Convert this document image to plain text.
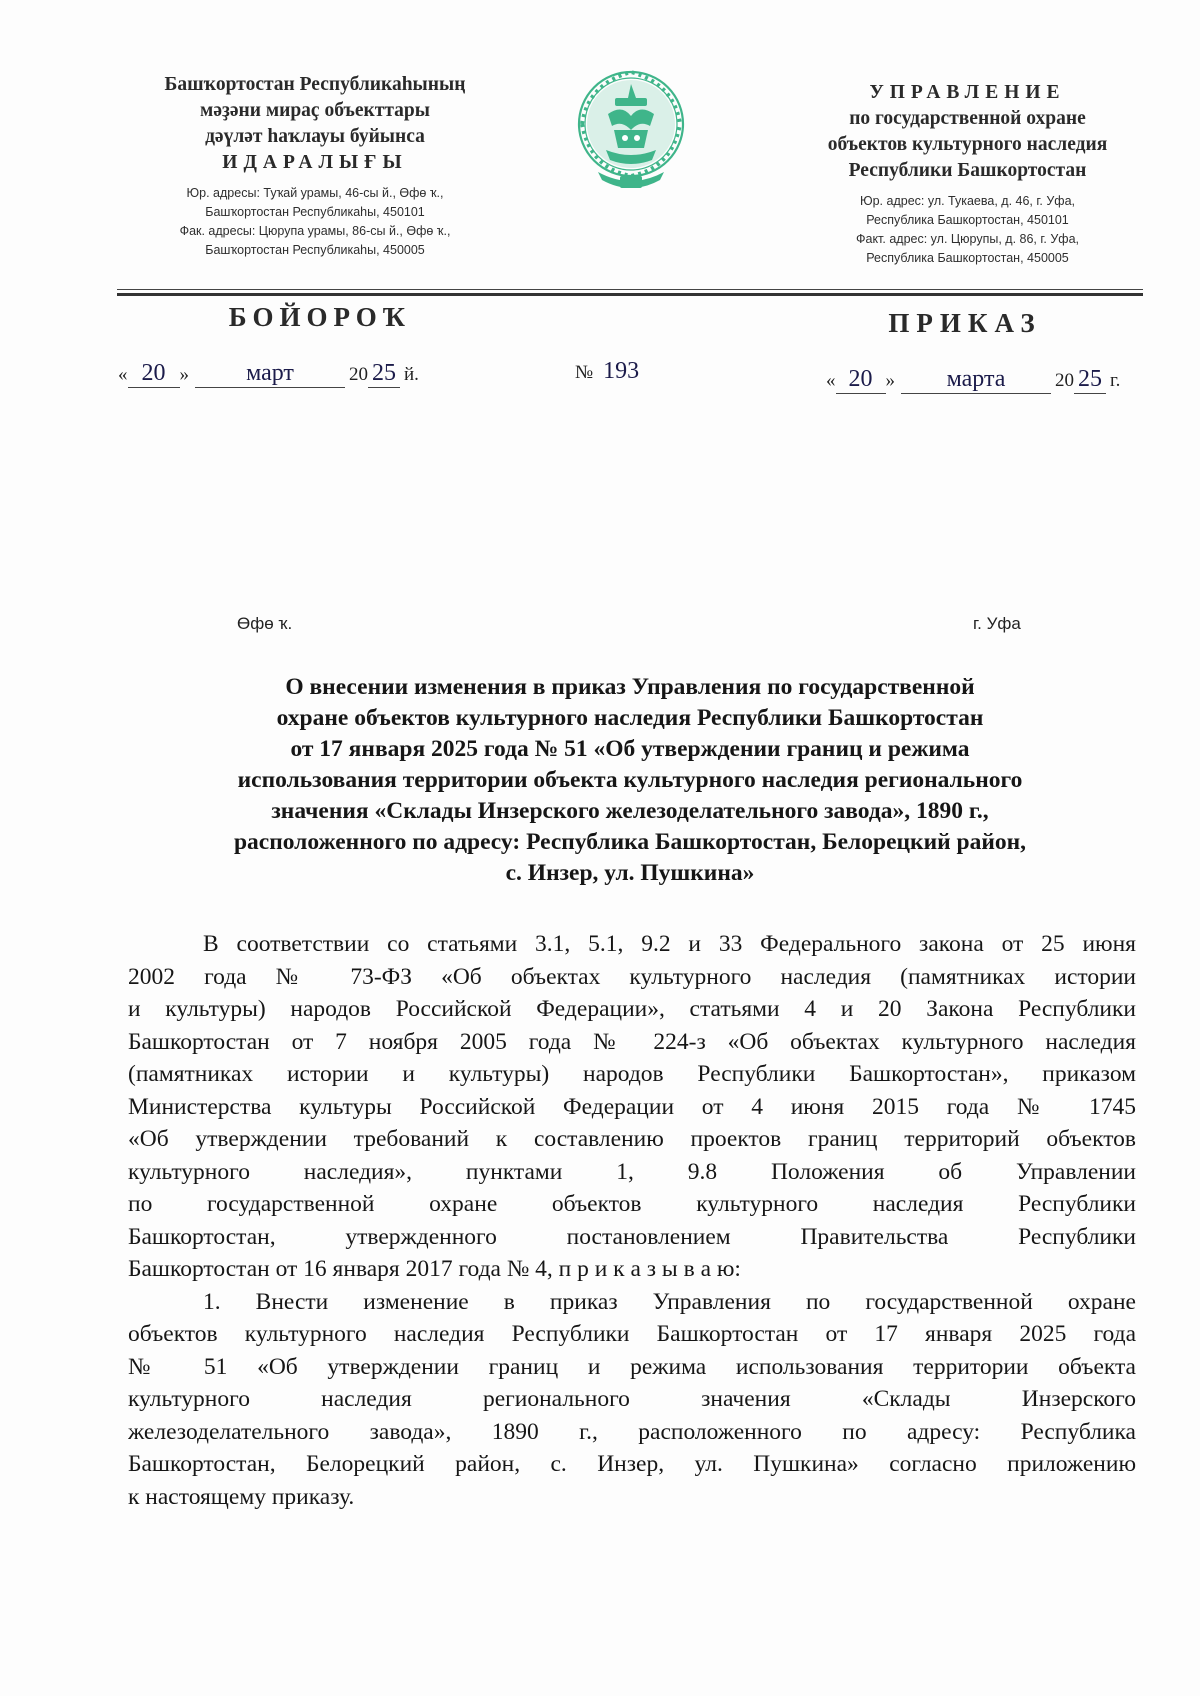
Башҡортостан Республикаһының
мәҙәни мираҫ объекттары
дәүләт һаҡлауы буйынса
ИДАРАЛЫҒЫ
Юр. адресы: Туҡай урамы, 46-сы й., Өфө ҡ.,
Башҡортостан Республикаһы, 450101
Фак. адресы: Цюрупа урамы, 86-сы й., Өфө ҡ.,
Башҡортостан Республикаһы, 450005
УПРАВЛЕНИЕ
по государственной охране
объектов культурного наследия
Республики Башкортостан
Юр. адрес: ул. Тукаева, д. 46, г. Уфа,
Республика Башкортостан, 450101
Факт. адрес: ул. Цюрупы, д. 86, г. Уфа,
Республика Башкортостан, 450005
БОЙОРОҠ	ПРИКАЗ
« 20 » март	20 25 й.	№ 193	« 20 » марта	20 25 г.
Өфө ҡ.	г. Уфа
О внесении изменения в приказ Управления по государственной
охране объектов культурного наследия Республики Башкортостан
от 17 января 2025 года № 51 «Об утверждении границ и режима
использования территории объекта культурного наследия регионального
значения «Склады Инзерского железоделательного завода», 1890 г.,
расположенного по адресу: Республика Башкортостан, Белорецкий район,
с. Инзер, ул. Пушкина»
В соответствии со статьями 3.1, 5.1, 9.2 и 33 Федерального закона от 25 июня
2002 года № 73-ФЗ «Об объектах культурного наследия (памятниках истории
и культуры) народов Российской Федерации», статьями 4 и 20 Закона Республики
Башкортостан от 7 ноября 2005 года № 224-з «Об объектах культурного наследия
(памятниках истории и культуры) народов Республики Башкортостан», приказом
Министерства культуры Российской Федерации от 4 июня 2015 года № 1745
«Об утверждении требований к составлению проектов границ территорий объектов
культурного наследия», пунктами 1, 9.8 Положения об Управлении
по государственной охране объектов культурного наследия Республики
Башкортостан, утвержденного постановлением Правительства Республики
Башкортостан от 16 января 2017 года № 4, п р и к а з ы в а ю:
1. Внести изменение в приказ Управления по государственной охране
объектов культурного наследия Республики Башкортостан от 17 января 2025 года
№ 51 «Об утверждении границ и режима использования территории объекта
культурного наследия регионального значения «Склады Инзерского
железоделательного завода», 1890 г., расположенного по адресу: Республика
Башкортостан, Белорецкий район, с. Инзер, ул. Пушкина» согласно приложению
к настоящему приказу.
